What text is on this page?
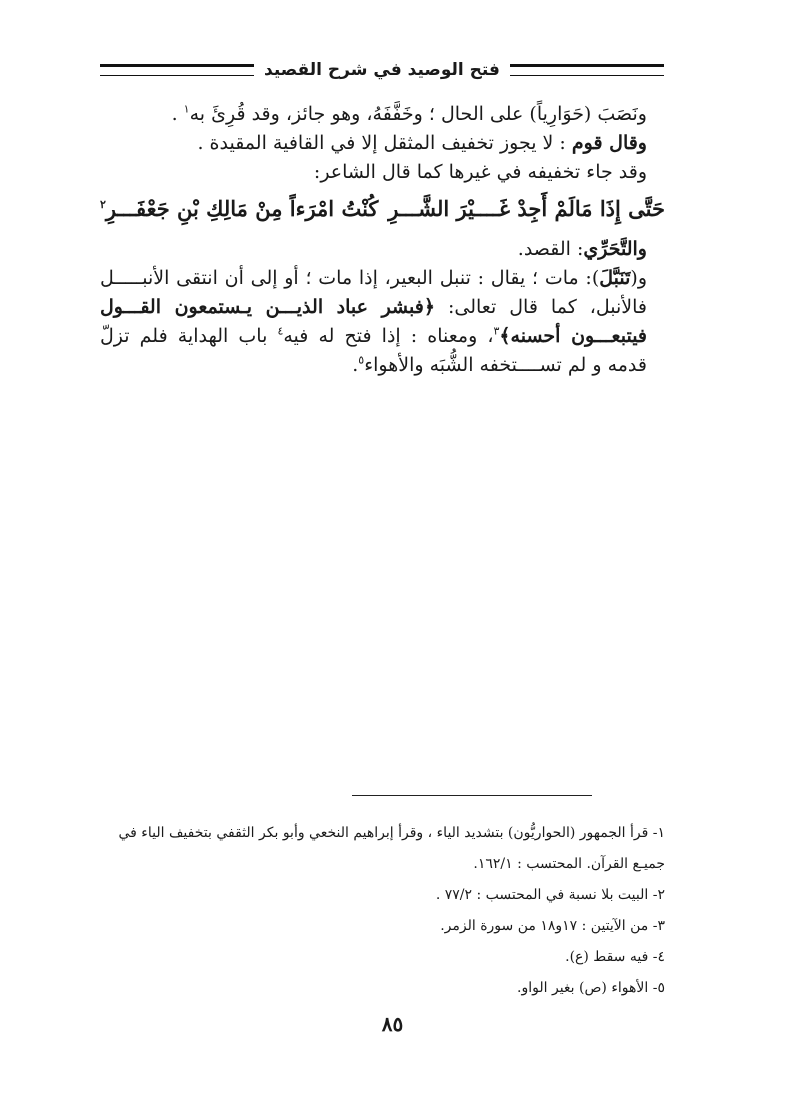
فتح الوصيد في شرح القصيد

ونَصَبَ (حَوَارِياً) على الحال ؛ وخَفَّفَهُ، وهو جائز، وقد قُرِئَ به$^١$ .

وقال قوم : لا يجوز تخفيف المثقل إلا في القافية المقيدة .

وقد جاء تخفيفه في غيرها كما قال الشاعر:

حَتَّى إِذَا مَالَمْ أَجِدْ غَــــيْرَ الشَّـــرِ
كُنْتُ امْرَءاً مِنْ مَالِكِ بْنِ جَعْفَـــرِ$^٢$

والتَّحَرِّي: القصد.

و(تَنَبَّلَ): مات ؛ يقال : تنبل البعير، إذا مات ؛ أو إلى أن انتقى الأنبـــــل فالأنبل، كما قال تعالى: ﴿فبشر عباد الذيـــن يـستمعون القـــول فيتبعـــون أحسنه﴾$^٣$، ومعناه : إذا فتح له فيه$^٤$ باب الهداية فلم تزلّ قدمه و لم تســــتخفه الشُّبَه والأهواء$^٥$.

١- قرأ الجمهور (الحواريُّون) بتشديد الياء ، وقرأ إبراهيم النخعي وأبو بكر الثقفي بتخفيف الياء في جميـع القرآن. المحتسب : ١٦٢/١.

٢- البيت بلا نسبة في المحتسب : ٧٧/٢ .

٣- من الآيتين : ١٧و١٨ من سورة الزمر.

٤- فيه سقط (ع).

٥- الأهواء (ص) بغير الواو.

٨٥
